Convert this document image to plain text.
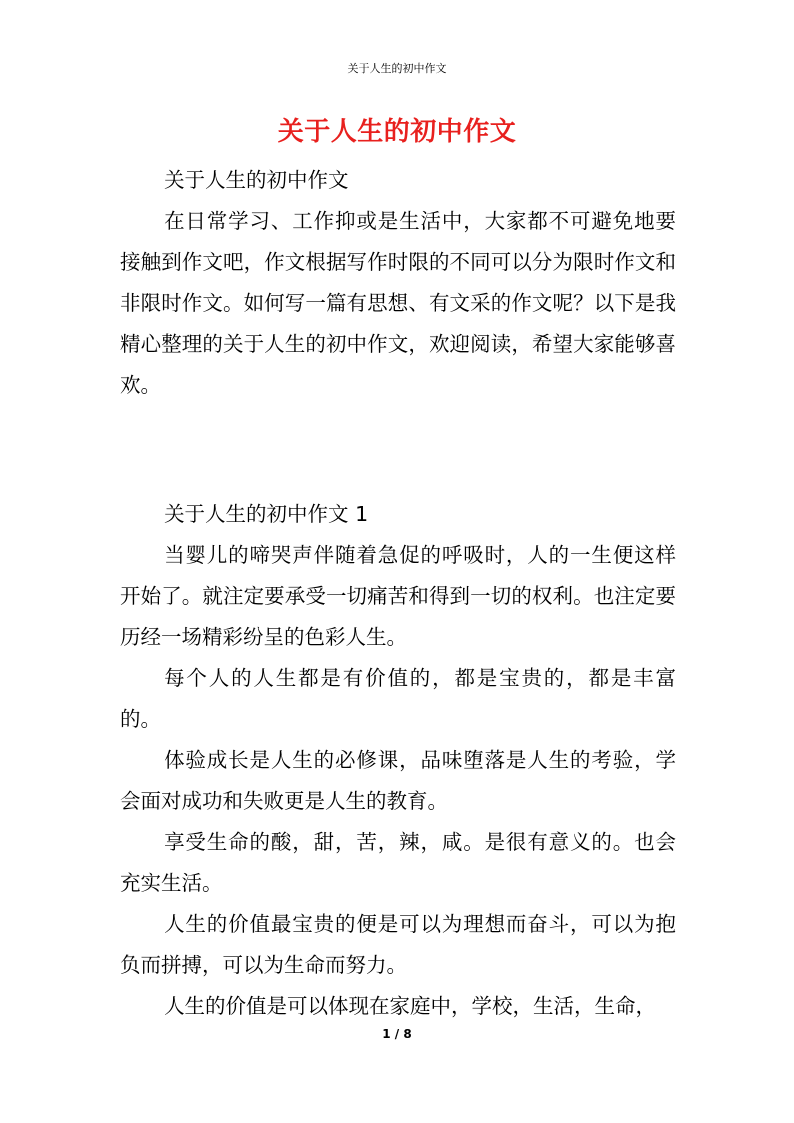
关于人生的初中作文
关于人生的初中作文

关于人生的初中作文

在日常学习、工作抑或是生活中，大家都不可避免地要接触到作文吧，作文根据写作时限的不同可以分为限时作文和非限时作文。如何写一篇有思想、有文采的作文呢？以下是我精心整理的关于人生的初中作文，欢迎阅读，希望大家能够喜欢。

关于人生的初中作文 1

当婴儿的啼哭声伴随着急促的呼吸时，人的一生便这样开始了。就注定要承受一切痛苦和得到一切的权利。也注定要历经一场精彩纷呈的色彩人生。

每个人的人生都是有价值的，都是宝贵的，都是丰富的。

体验成长是人生的必修课，品味堕落是人生的考验，学会面对成功和失败更是人生的教育。

享受生命的酸，甜，苦，辣，咸。是很有意义的。也会充实生活。

人生的价值最宝贵的便是可以为理想而奋斗，可以为抱负而拼搏，可以为生命而努力。

人生的价值是可以体现在家庭中，学校，生活，生命，

1 / 8
